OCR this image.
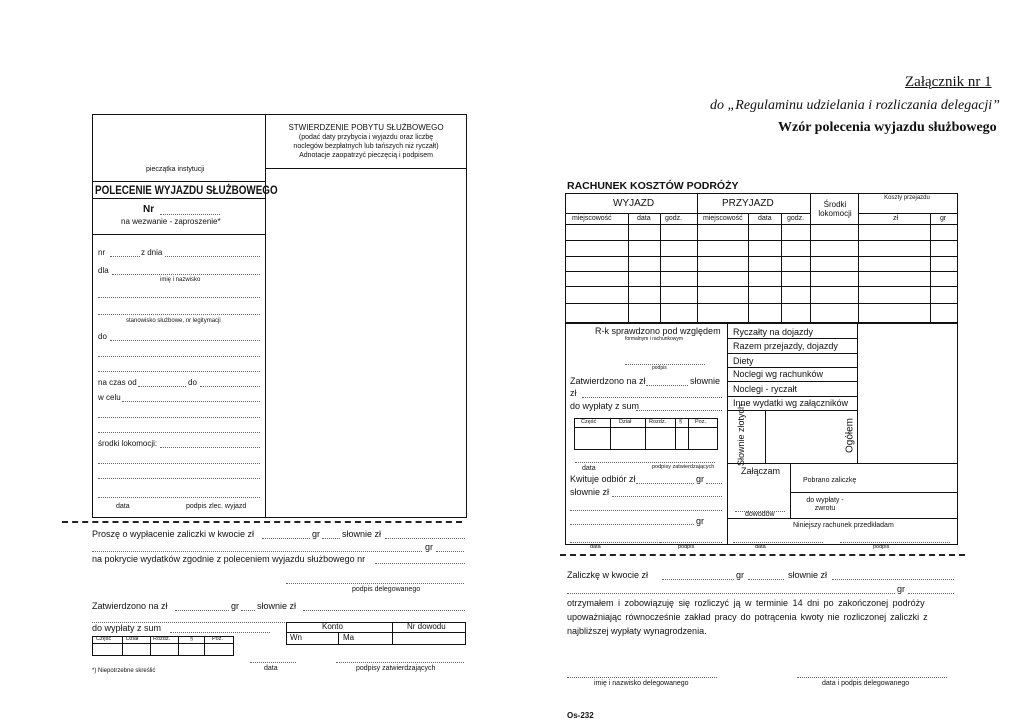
Załącznik nr 1
do „Regulaminu udzielania i rozliczania delegacji”
Wzór polecenia wyjazdu służbowego
STWIERDZENIE POBYTU SŁUŻBOWEGO
(podać daty przybycia i wyjazdu oraz liczbę
noclegów bezpłatnych lub tańszych niż ryczałt)
Adnotacje zaopatrzyć pieczęcią i podpisem
pieczątka instytucji
POLECENIE WYJAZDU SŁUŻBOWEGO
Nr
na wezwanie - zaproszenie*
nr	z dnia
dla
imię i nazwisko
stanowisko służbowe, nr legitymacji
do
na czas od	do
w celu
środki lokomocji:
data	podpis zlec. wyjazd
Proszę o wypłacenie zaliczki w kwocie zł	gr słownie zł
gr
na pokrycie wydatków zgodnie z poleceniem wyjazdu służbowego nr
podpis delegowanego
Zatwierdzono na zł	gr słownie zł
do wypłaty z sum	Konto	Nr dowodu
Wn	Ma
Część	Dział	Rozdz.	§	Poz.
*) Niepotrzebne skreślić	data	podpisy zatwierdzających
RACHUNEK KOSZTÓW PODRÓŻY
WYJAZD	PRZYJAZD	Środki lokomocji
Koszty przejazdu
zł	gr
miejscowość	data godz.	miejscowość data godz.
R-k sprawdzono pod względem
formalnym i rachunkowym
podpis
Zatwierdzono na zł	słownie
zł
do wypłaty z sum
Część	Dział	Rozdz. § Poz.
Ryczałty na dojazdy
Razem przejazdy, dojazdy
Diety
Noclegi wg rachunków
Noclegi - ryczałt
Inne wydatki wg załączników
Słownie złotych	Ogółem
data	podpisy zatwierdzających
Kwituje odbiór zł	gr
słownie zł
gr
Załączam
dowodów
Pobrano zaliczkę
do wypłaty - zwrotu
Niniejszy rachunek przedkładam
data	podpis	data	podpis
Zaliczkę w kwocie zł	gr	słownie zł
gr
otrzymałem i zobowiązuję się rozliczyć ją w terminie 14 dni po zakończonej podróży
upoważniając równocześnie zakład pracy do potrącenia kwoty nie rozliczonej zaliczki z
najbliższej wypłaty wynagrodzenia.
imię i nazwisko delegowanego	data i podpis delegowanego
Os-232
